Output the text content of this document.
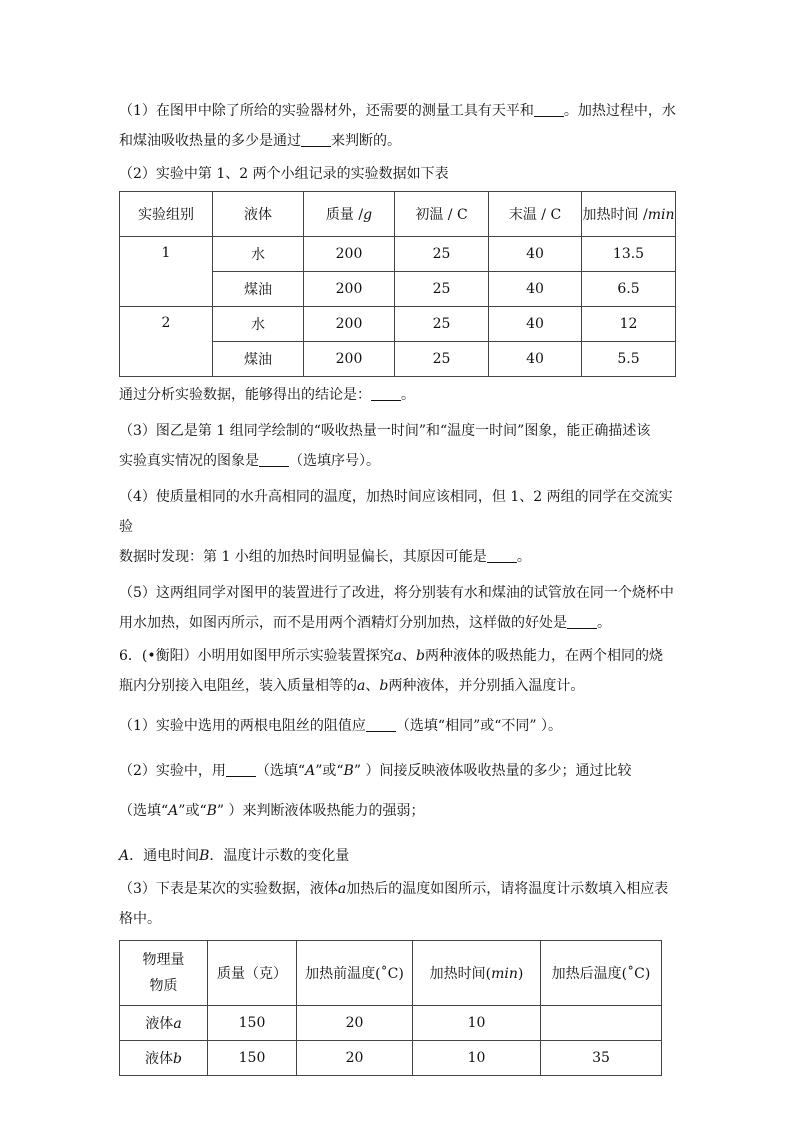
（1）在图甲中除了所给的实验器材外，还需要的测量工具有天平和 。加热过程中，水
和煤油吸收热量的多少是通过 来判断的。

（2）实验中第 1、2 两个小组记录的实验数据如下表

实验组别	液体	质量 /g	初温 / C	末温 / C	加热时间 /min
1	水	200	25	40	13.5
	煤油	200	25	40	6.5
2	水	200	25	40	12
	煤油	200	25	40	5.5

通过分析实验数据，能够得出的结论是： 。

（3）图乙是第 1 组同学绘制的“吸收热量一时间”和“温度一时间”图象，能正确描述该
实验真实情况的图象是 （选填序号）。

（4）使质量相同的水升高相同的温度，加热时间应该相同，但 1、2 两组的同学在交流实验
数据时发现：第 1 小组的加热时间明显偏长，其原因可能是 。

（5）这两组同学对图甲的装置进行了改进，将分别装有水和煤油的试管放在同一个烧杯中
用水加热，如图丙所示，而不是用两个酒精灯分别加热，这样做的好处是 。

6．(•衡阳）小明用如图甲所示实验装置探究a、b两种液体的吸热能力，在两个相同的烧
瓶内分别接入电阻丝，装入质量相等的a、b两种液体，并分别插入温度计。

（1）实验中选用的两根电阻丝的阻值应 （选填“相同”或“不同” ）。

（2）实验中，用 （选填“A”或“B” ）间接反映液体吸收热量的多少；通过比较
（选填“A”或“B” ）来判断液体吸热能力的强弱；

A．通电时间B．温度计示数的变化量

（3）下表是某次的实验数据，液体a加热后的温度如图所示，请将温度计示数填入相应表
格中。

物理量
物质	质量（克）	加热前温度(˚C)	加热时间(min)	加热后温度(˚C)
液体a	150	20	10	
液体b	150	20	10	35
